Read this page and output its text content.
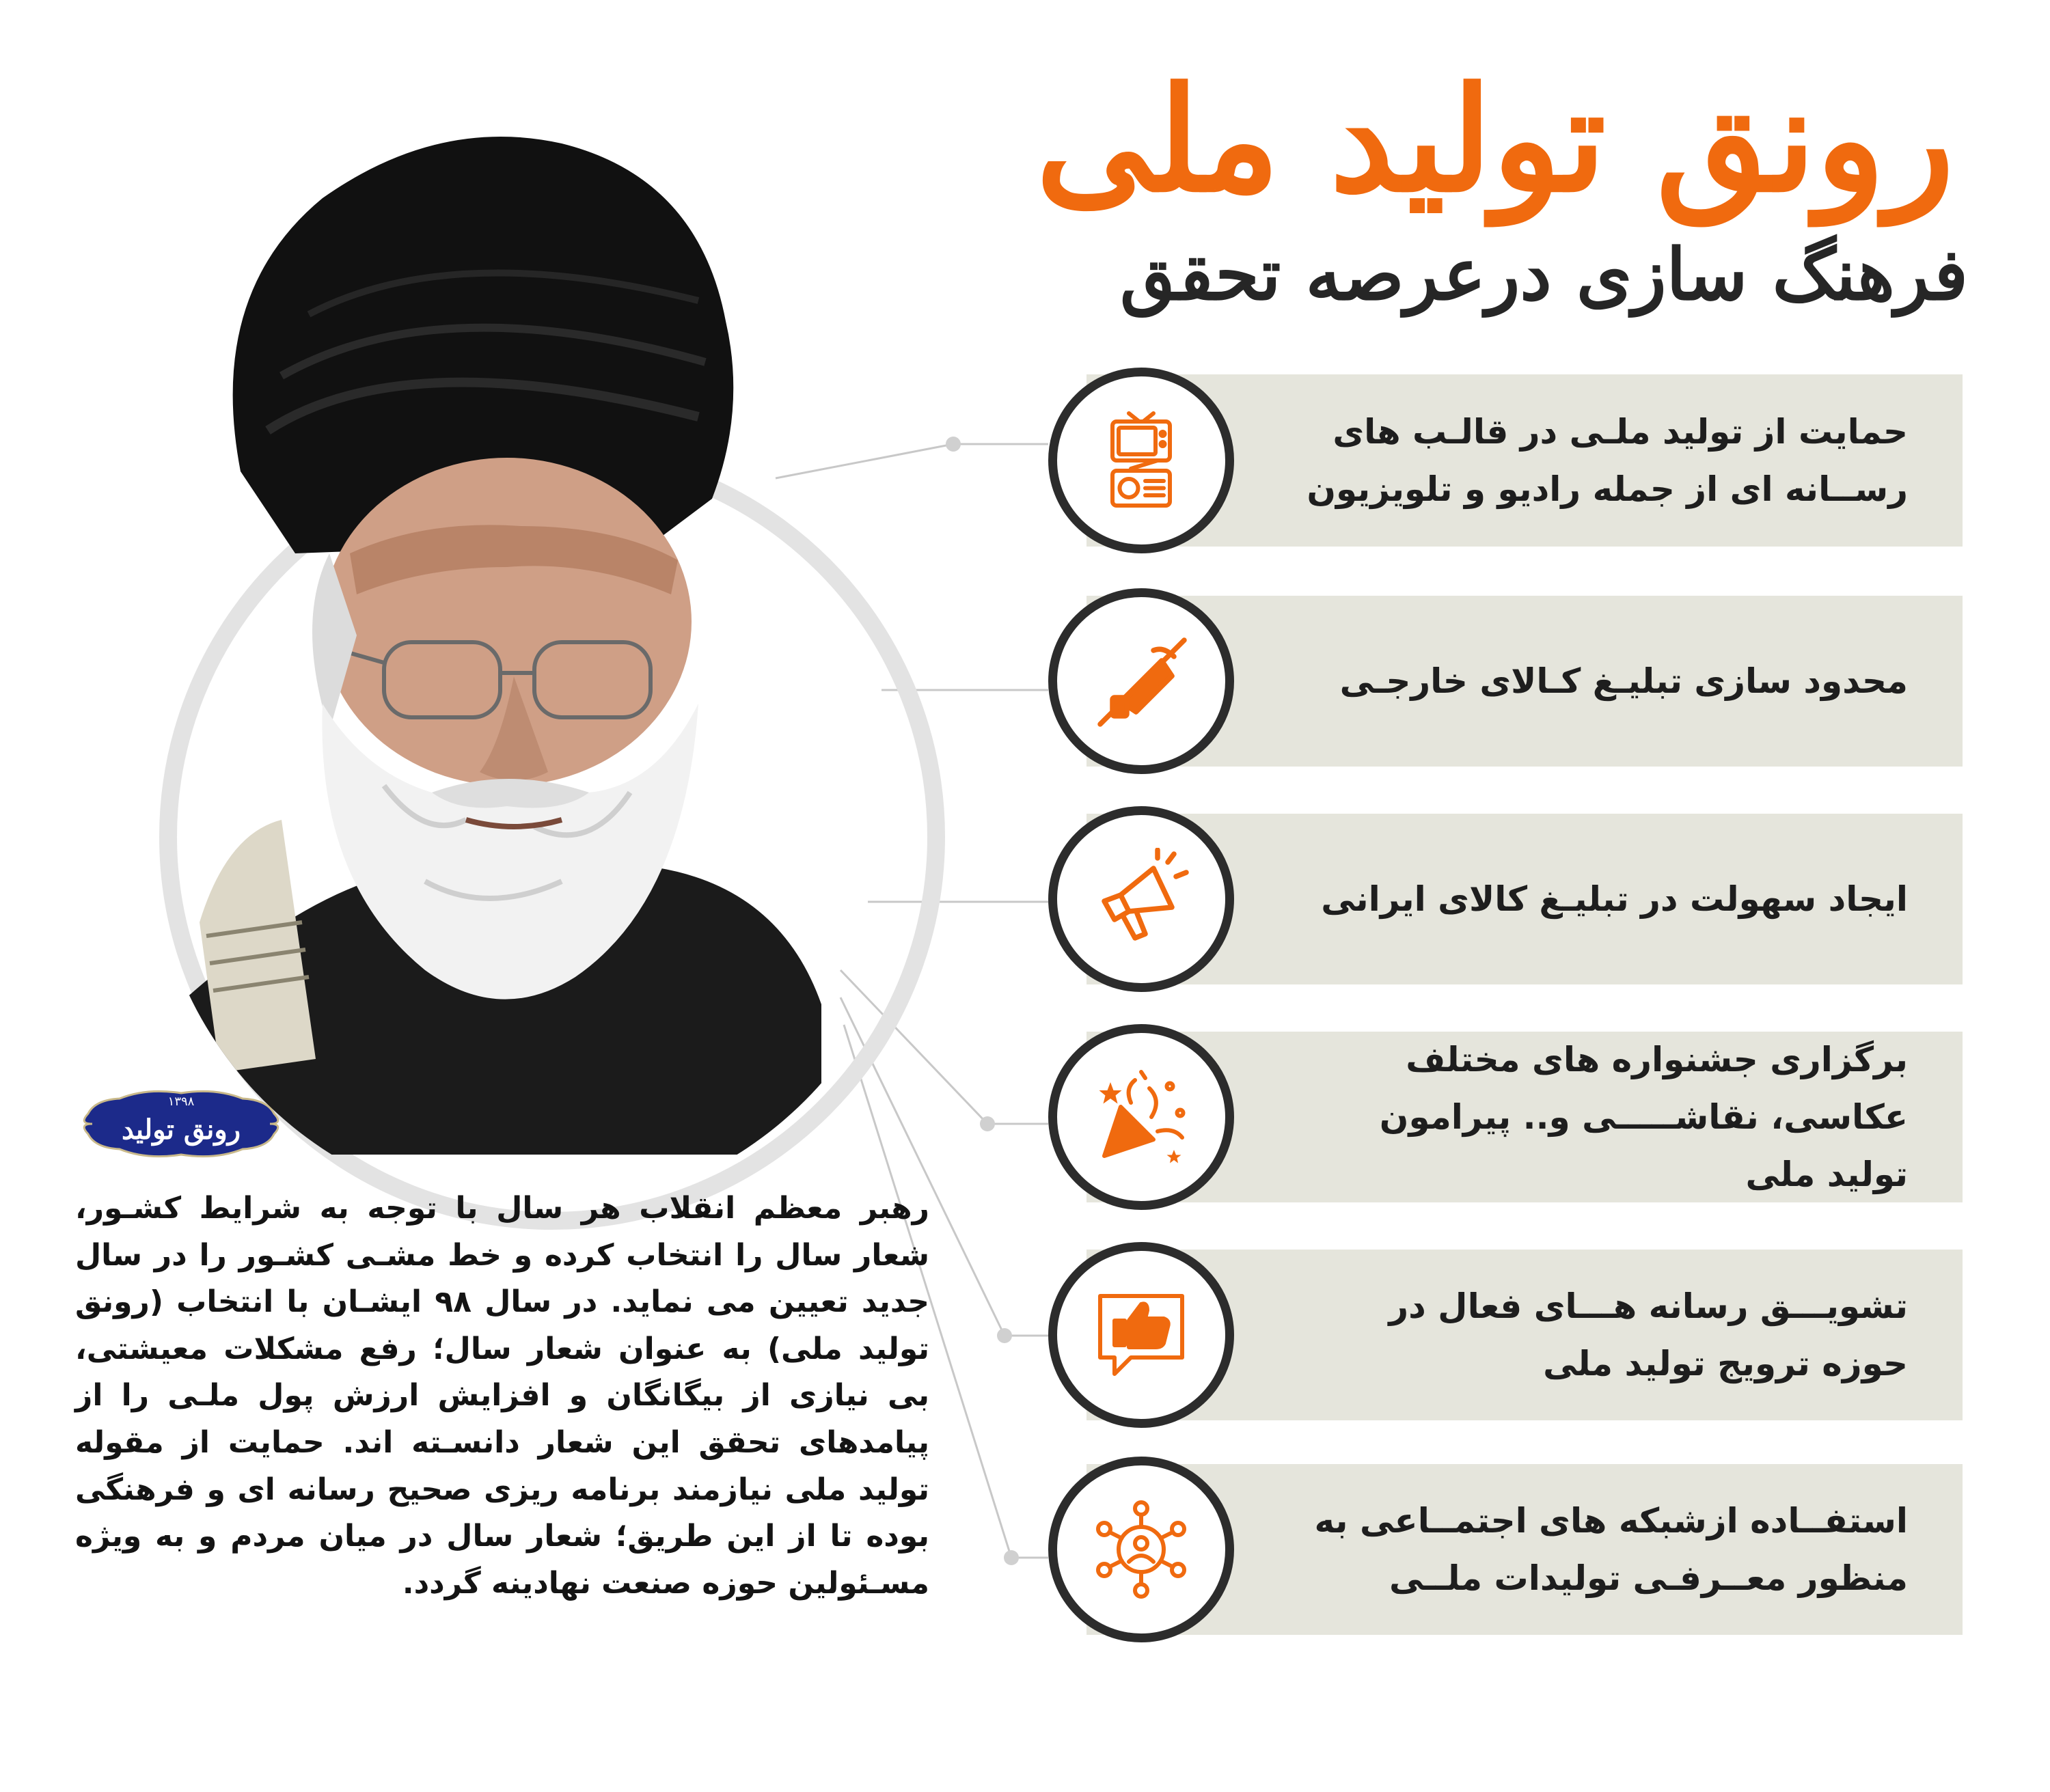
رونق تولید ملی
فرهنگ سازی درعرصه تحقق
۱۳۹۸
رونق تولید
رهبر معظم انقلاب هر سال با توجه به شرایط کشـور، شعار سال را انتخاب کرده و خط مشـی کشـور را در سال جدید تعیین می نماید. در سال ۹۸ ایشـان با انتخاب (رونق تولید ملی) به عنوان شعار سال؛ رفع مشکلات معیشتی، بی نیازی از بیگانگان و افزایش ارزش پول ملـی را از پیامدهای تحقق این شعار دانسـته اند. حمایت از مقوله تولید ملی نیازمند برنامه ریزی صحیح رسانه ای و فرهنگی بوده تا از این طریق؛ شعار سال در میان مردم و به ویژه مسـئولین حوزه صنعت نهادینه گردد.
حمایت از تولید ملـی در قالـب های رســانه ای از جمله رادیو و تلویزیون
محدود سازی تبلیـغ کـالای خارجـی
ایجاد سهولت در تبلیـغ کالای ایرانی
برگزاری جشنواره های مختلف عکاسی، نقاشـــــی و.. پیرامون تولید ملی
تشویـــق رسانه هـــای فعال در حوزه ترویج تولید ملی
استفــاده ازشبکه های اجتمــاعی به منظور معــرفـی تولیدات ملــی
